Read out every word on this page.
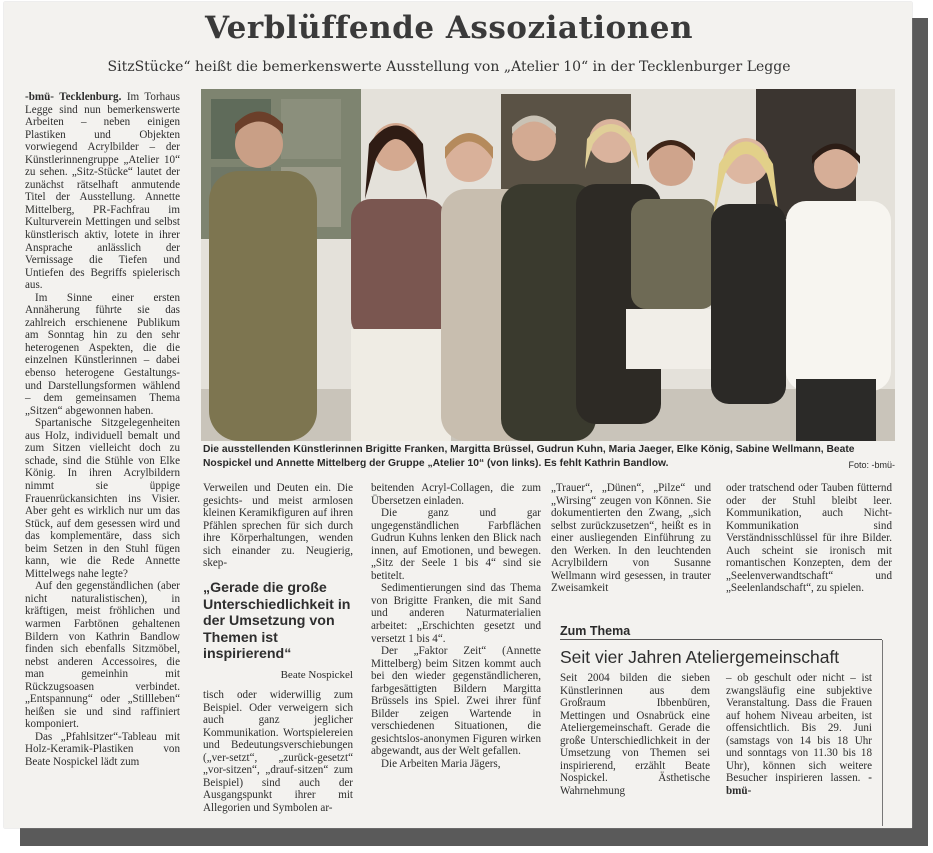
Verblüffende Assoziationen
SitzStücke“ heißt die bemerkenswerte Ausstellung von „Atelier 10“ in der Tecklenburger Legge

-bmü- Tecklenburg. Im Torhaus Legge sind nun bemerkenswerte Arbeiten – neben einigen Plastiken und Objekten vorwiegend Acrylbilder – der Künstlerinnengruppe „Atelier 10“ zu sehen. „Sitz-Stücke“ lautet der zunächst rätselhaft anmutende Titel der Ausstellung. Annette Mittelberg, PR-Fachfrau im Kulturverein Mettingen und selbst künstlerisch aktiv, lotete in ihrer Ansprache anlässlich der Vernissage die Tiefen und Untiefen des Begriffs spielerisch aus.

Im Sinne einer ersten Annäherung führte sie das zahlreich erschienene Publikum am Sonntag hin zu den sehr heterogenen Aspekten, die die einzelnen Künstlerinnen – dabei ebenso heterogene Gestaltungs- und Darstellungsformen wählend – dem gemeinsamen Thema „Sitzen“ abgewonnen haben.

Spartanische Sitzgelegenheiten aus Holz, individuell bemalt und zum Sitzen vielleicht doch zu schade, sind die Stühle von Elke König. In ihren Acrylbildern nimmt sie üppige Frauenrückansichten ins Visier. Aber geht es wirklich nur um das Stück, auf dem gesessen wird und das komplementäre, dass sich beim Setzen in den Stuhl fügen kann, wie die Rede Annette Mittelwegs nahe legte?

Auf den gegenständlichen (aber nicht naturalistischen), in kräftigen, meist fröhlichen und warmen Farbtönen gehaltenen Bildern von Kathrin Bandlow finden sich ebenfalls Sitzmöbel, nebst anderen Accessoires, die man gemeinhin mit Rückzugsoasen verbindet. „Entspannung“ oder „Stillleben“ heißen sie und sind raffiniert komponiert.

Das „Pfahlsitzer“-Tableau mit Holz-Keramik-Plastiken von Beate Nospickel lädt zum

Die ausstellenden Künstlerinnen Brigitte Franken, Margitta Brüssel, Gudrun Kuhn, Maria Jaeger, Elke König, Sabine Wellmann, Beate Nospickel und Annette Mittelberg der Gruppe „Atelier 10“ (von links). Es fehlt Kathrin Bandlow.	Foto: -bmü-

Verweilen und Deuten ein. Die gesichts- und meist armlosen kleinen Keramikfiguren auf ihren Pfählen sprechen für sich durch ihre Körperhaltungen, wenden sich einander zu. Neugierig, skep-

„Gerade die große Unterschiedlichkeit in der Umsetzung von Themen ist inspirierend“
Beate Nospickel

tisch oder widerwillig zum Beispiel. Oder verweigern sich auch ganz jeglicher Kommunikation. Wortspielereien und Bedeutungsverschiebungen („ver-setzt“, „zurück-gesetzt“ „vor-sitzen“, „drauf-sitzen“ zum Beispiel) sind auch der Ausgangspunkt ihrer mit Allegorien und Symbolen ar-

beitenden Acryl-Collagen, die zum Übersetzen einladen.

Die ganz und gar ungegenständlichen Farbflächen Gudrun Kuhns lenken den Blick nach innen, auf Emotionen, und bewegen. „Sitz der Seele 1 bis 4“ sind sie betitelt.

Sedimentierungen sind das Thema von Brigitte Franken, die mit Sand und anderen Naturmaterialien arbeitet: „Erschichten gesetzt und versetzt 1 bis 4“.

Der „Faktor Zeit“ (Annette Mittelberg) beim Sitzen kommt auch bei den wieder gegenständlicheren, farbgesättigten Bildern Margitta Brüssels ins Spiel. Zwei ihrer fünf Bilder zeigen Wartende in verschiedenen Situationen, die gesichtslos-anonymen Figuren wirken abgewandt, aus der Welt gefallen.

Die Arbeiten Maria Jägers,

„Trauer“, „Dünen“, „Pilze“ und „Wirsing“ zeugen von Können. Sie dokumentierten den Zwang, „sich selbst zurückzusetzen“, heißt es in einer ausliegenden Einführung zu den Werken. In den leuchtenden Acrylbildern von Susanne Wellmann wird gesessen, in trauter Zweisamkeit

oder tratschend oder Tauben fütternd oder der Stuhl bleibt leer. Kommunikation, auch Nicht-Kommunikation sind Verständnisschlüssel für ihre Bilder. Auch scheint sie ironisch mit romantischen Konzepten, dem der „Seelenverwandtschaft“ und „Seelenlandschaft“, zu spielen.

Zum Thema
Seit vier Jahren Ateliergemeinschaft

Seit 2004 bilden die sieben Künstlerinnen aus dem Großraum Ibbenbüren, Mettingen und Osnabrück eine Ateliergemeinschaft. Gerade die große Unterschiedlichkeit in der Umsetzung von Themen sei inspirierend, erzählt Beate Nospickel. Ästhetische Wahrnehmung

– ob geschult oder nicht – ist zwangsläufig eine subjektive Veranstaltung. Dass die Frauen auf hohem Niveau arbeiten, ist offensichtlich. Bis 29. Juni (samstags von 14 bis 18 Uhr und sonntags von 11.30 bis 18 Uhr), können sich weitere Besucher inspirieren lassen. -bmü-
